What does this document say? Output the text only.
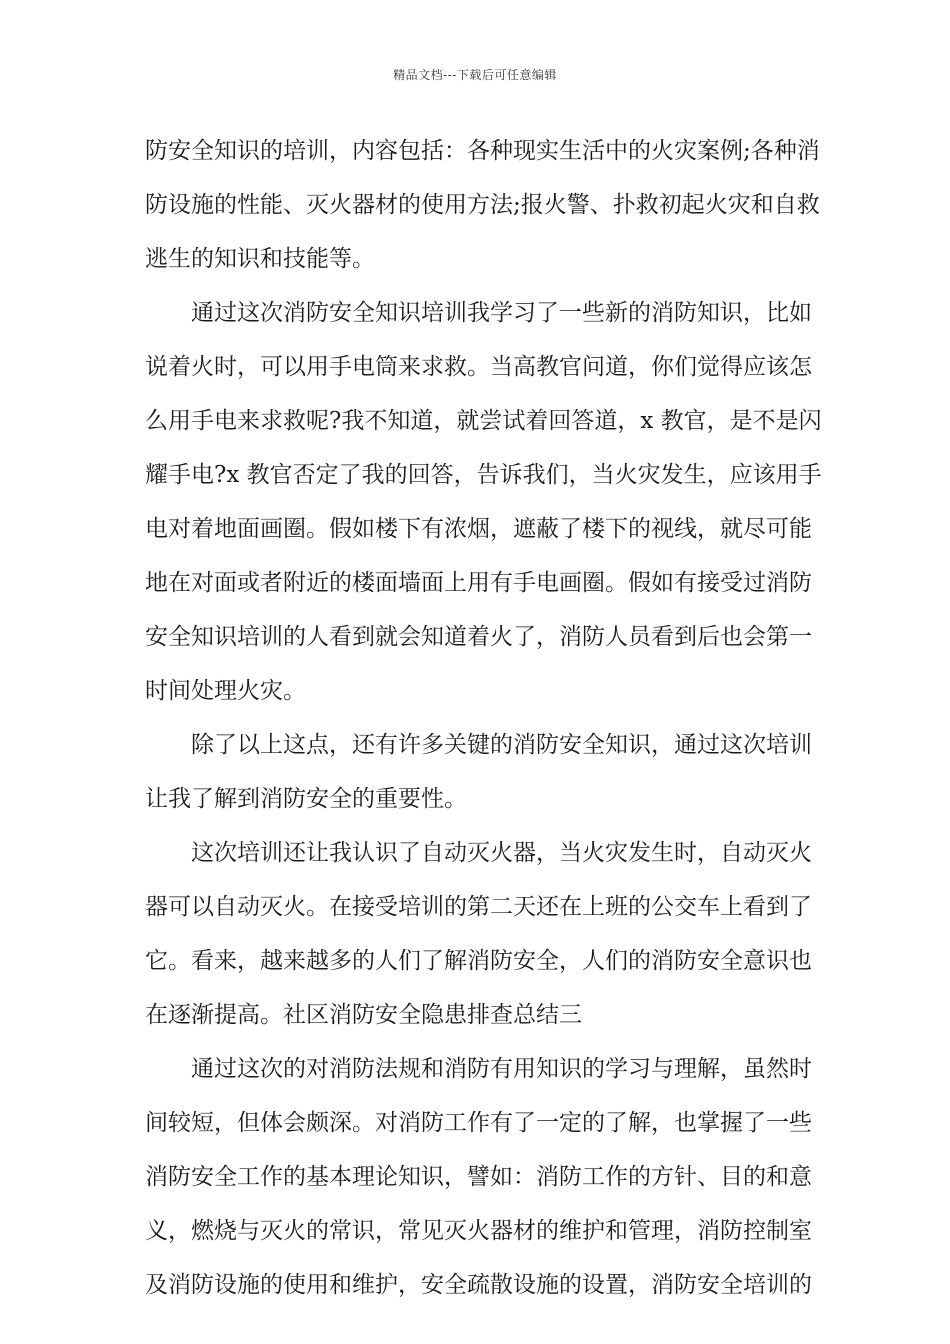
精品文档---下载后可任意编辑
防安全知识的培训，内容包括：各种现实生活中的火灾案例;各种消
防设施的性能、灭火器材的使用方法;报火警、扑救初起火灾和自救
逃生的知识和技能等。
通过这次消防安全知识培训我学习了一些新的消防知识，比如
说着火时，可以用手电筒来求救。当高教官问道，你们觉得应该怎
么用手电来求救呢?我不知道，就尝试着回答道，x 教官，是不是闪
耀手电?x 教官否定了我的回答，告诉我们，当火灾发生，应该用手
电对着地面画圈。假如楼下有浓烟，遮蔽了楼下的视线，就尽可能
地在对面或者附近的楼面墙面上用有手电画圈。假如有接受过消防
安全知识培训的人看到就会知道着火了，消防人员看到后也会第一
时间处理火灾。
除了以上这点，还有许多关键的消防安全知识，通过这次培训
让我了解到消防安全的重要性。
这次培训还让我认识了自动灭火器，当火灾发生时，自动灭火
器可以自动灭火。在接受培训的第二天还在上班的公交车上看到了
它。看来，越来越多的人们了解消防安全，人们的消防安全意识也
在逐渐提高。社区消防安全隐患排查总结三
通过这次的对消防法规和消防有用知识的学习与理解，虽然时
间较短，但体会颇深。对消防工作有了一定的了解，也掌握了一些
消防安全工作的基本理论知识，譬如：消防工作的方针、目的和意
义，燃烧与灭火的常识，常见灭火器材的维护和管理，消防控制室
及消防设施的使用和维护，安全疏散设施的设置，消防安全培训的
